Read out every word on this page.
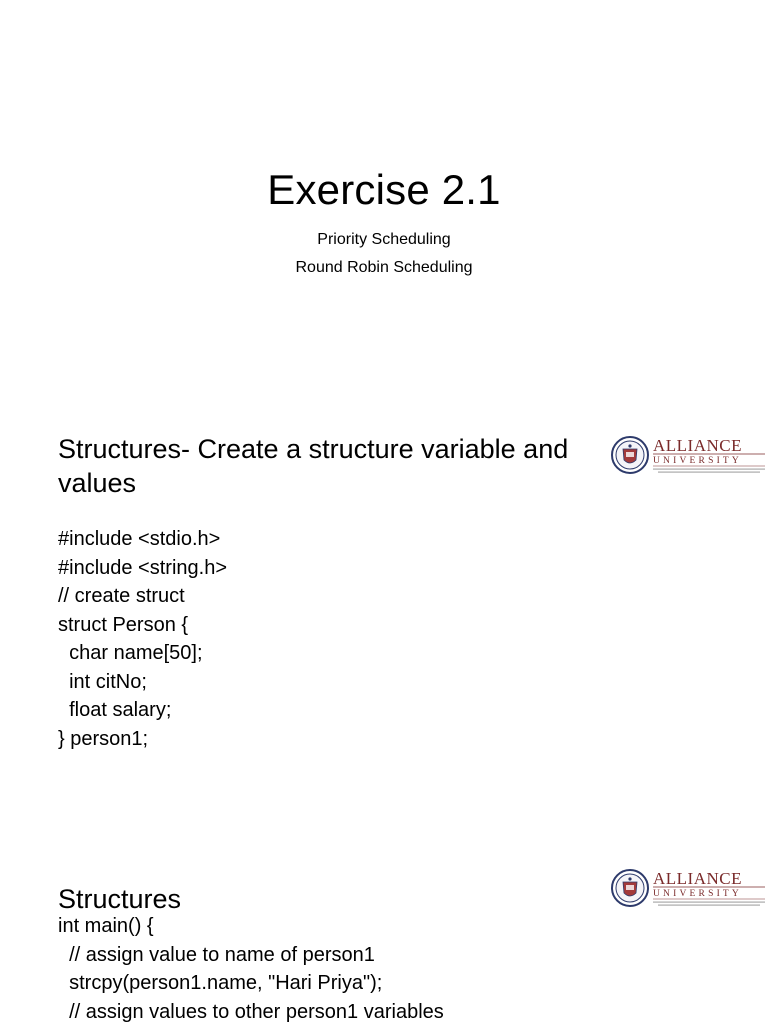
Exercise 2.1
Priority Scheduling
Round Robin Scheduling
Structures- Create a structure variable and values
#include <stdio.h>
#include <string.h>
// create struct
struct Person {
char name[50];
int citNo;
float salary;
} person1;
ALLIANCE
UNIVERSITY
Structures
int main() {
// assign value to name of person1
strcpy(person1.name, "Hari Priya");
// assign values to other person1 variables
ALLIANCE
UNIVERSITY
